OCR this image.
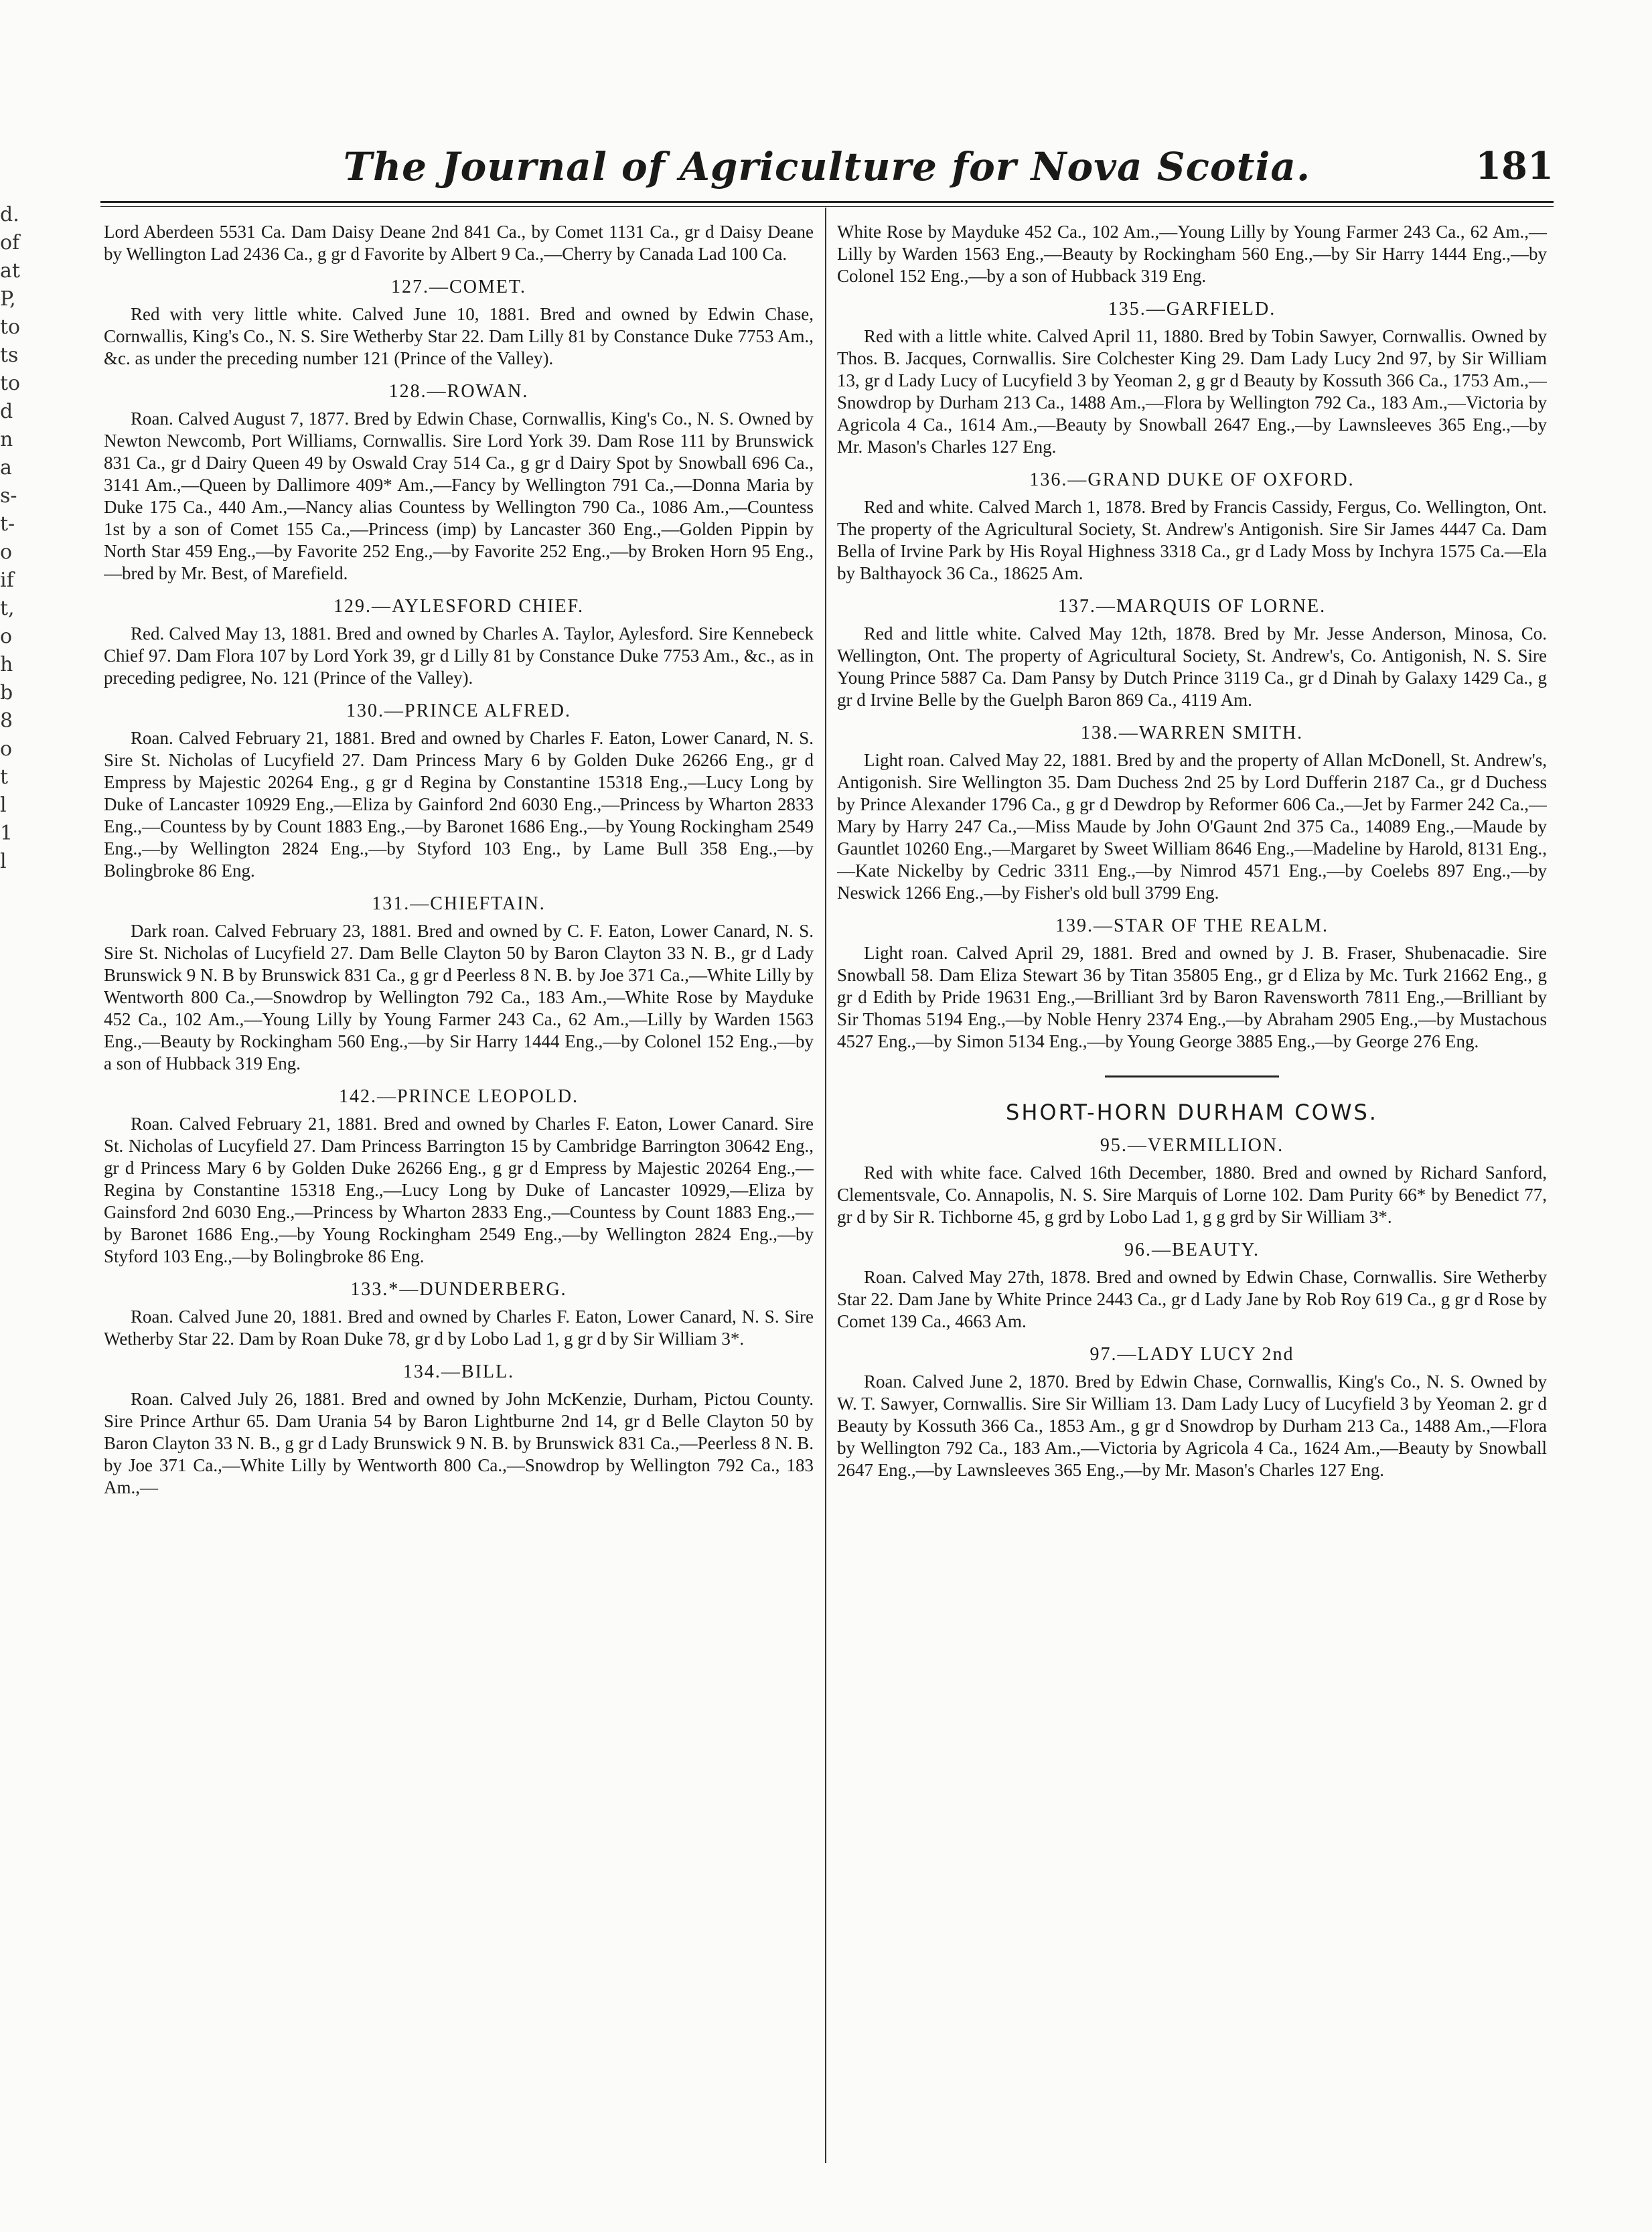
d.
of
at
P,
to
ts
to
d
n
a
s-
t-
o
if
t,
o
h
b
8
o
t
l
1
l
The Journal of Agriculture for Nova Scotia.	181

Lord Aberdeen 5531 Ca. Dam Daisy Deane 2nd 841 Ca., by Comet 1131 Ca., gr d Daisy Deane by Wellington Lad 2436 Ca., g gr d Favorite by Albert 9 Ca.,—Cherry by Canada Lad 100 Ca.

127.—COMET.

Red with very little white. Calved June 10, 1881. Bred and owned by Edwin Chase, Cornwallis, King's Co., N. S. Sire Wetherby Star 22. Dam Lilly 81 by Constance Duke 7753 Am., &c. as under the preceding number 121 (Prince of the Valley).

128.—ROWAN.

Roan. Calved August 7, 1877. Bred by Edwin Chase, Cornwallis, King's Co., N. S. Owned by Newton Newcomb, Port Williams, Cornwallis. Sire Lord York 39. Dam Rose 111 by Brunswick 831 Ca., gr d Dairy Queen 49 by Oswald Cray 514 Ca., g gr d Dairy Spot by Snowball 696 Ca., 3141 Am.,—Queen by Dallimore 409* Am.,—Fancy by Wellington 791 Ca.,—Donna Maria by Duke 175 Ca., 440 Am.,—Nancy alias Countess by Wellington 790 Ca., 1086 Am.,—Countess 1st by a son of Comet 155 Ca.,—Princess (imp) by Lancaster 360 Eng.,—Golden Pippin by North Star 459 Eng.,—by Favorite 252 Eng.,—by Favorite 252 Eng.,—by Broken Horn 95 Eng.,—bred by Mr. Best, of Marefield.

129.—AYLESFORD CHIEF.

Red. Calved May 13, 1881. Bred and owned by Charles A. Taylor, Aylesford. Sire Kennebeck Chief 97. Dam Flora 107 by Lord York 39, gr d Lilly 81 by Constance Duke 7753 Am., &c., as in preceding pedigree, No. 121 (Prince of the Valley).

130.—PRINCE ALFRED.

Roan. Calved February 21, 1881. Bred and owned by Charles F. Eaton, Lower Canard, N. S. Sire St. Nicholas of Lucyfield 27. Dam Princess Mary 6 by Golden Duke 26266 Eng., gr d Empress by Majestic 20264 Eng., g gr d Regina by Constantine 15318 Eng.,—Lucy Long by Duke of Lancaster 10929 Eng.,—Eliza by Gainford 2nd 6030 Eng.,—Princess by Wharton 2833 Eng.,—Countess by by Count 1883 Eng.,—by Baronet 1686 Eng.,—by Young Rockingham 2549 Eng.,—by Wellington 2824 Eng.,—by Styford 103 Eng., by Lame Bull 358 Eng.,—by Bolingbroke 86 Eng.

131.—CHIEFTAIN.

Dark roan. Calved February 23, 1881. Bred and owned by C. F. Eaton, Lower Canard, N. S. Sire St. Nicholas of Lucyfield 27. Dam Belle Clayton 50 by Baron Clayton 33 N. B., gr d Lady Brunswick 9 N. B by Brunswick 831 Ca., g gr d Peerless 8 N. B. by Joe 371 Ca.,—White Lilly by Wentworth 800 Ca.,—Snowdrop by Wellington 792 Ca., 183 Am.,—White Rose by Mayduke 452 Ca., 102 Am.,—Young Lilly by Young Farmer 243 Ca., 62 Am.,—Lilly by Warden 1563 Eng.,—Beauty by Rockingham 560 Eng.,—by Sir Harry 1444 Eng.,—by Colonel 152 Eng.,—by a son of Hubback 319 Eng.

142.—PRINCE LEOPOLD.

Roan. Calved February 21, 1881. Bred and owned by Charles F. Eaton, Lower Canard. Sire St. Nicholas of Lucyfield 27. Dam Princess Barrington 15 by Cambridge Barrington 30642 Eng., gr d Princess Mary 6 by Golden Duke 26266 Eng., g gr d Empress by Majestic 20264 Eng.,—Regina by Constantine 15318 Eng.,—Lucy Long by Duke of Lancaster 10929,—Eliza by Gainsford 2nd 6030 Eng.,—Princess by Wharton 2833 Eng.,—Countess by Count 1883 Eng.,—by Baronet 1686 Eng.,—by Young Rockingham 2549 Eng.,—by Wellington 2824 Eng.,—by Styford 103 Eng.,—by Bolingbroke 86 Eng.

133.*—DUNDERBERG.

Roan. Calved June 20, 1881. Bred and owned by Charles F. Eaton, Lower Canard, N. S. Sire Wetherby Star 22. Dam by Roan Duke 78, gr d by Lobo Lad 1, g gr d by Sir William 3*.

134.—BILL.

Roan. Calved July 26, 1881. Bred and owned by John McKenzie, Durham, Pictou County. Sire Prince Arthur 65. Dam Urania 54 by Baron Lightburne 2nd 14, gr d Belle Clayton 50 by Baron Clayton 33 N. B., g gr d Lady Brunswick 9 N. B. by Brunswick 831 Ca.,—Peerless 8 N. B. by Joe 371 Ca.,—White Lilly by Wentworth 800 Ca.,—Snowdrop by Wellington 792 Ca., 183 Am.,—

White Rose by Mayduke 452 Ca., 102 Am.,—Young Lilly by Young Farmer 243 Ca., 62 Am.,—Lilly by Warden 1563 Eng.,—Beauty by Rockingham 560 Eng.,—by Sir Harry 1444 Eng.,—by Colonel 152 Eng.,—by a son of Hubback 319 Eng.

135.—GARFIELD.

Red with a little white. Calved April 11, 1880. Bred by Tobin Sawyer, Cornwallis. Owned by Thos. B. Jacques, Cornwallis. Sire Colchester King 29. Dam Lady Lucy 2nd 97, by Sir William 13, gr d Lady Lucy of Lucyfield 3 by Yeoman 2, g gr d Beauty by Kossuth 366 Ca., 1753 Am.,—Snowdrop by Durham 213 Ca., 1488 Am.,—Flora by Wellington 792 Ca., 183 Am.,—Victoria by Agricola 4 Ca., 1614 Am.,—Beauty by Snowball 2647 Eng.,—by Lawnsleeves 365 Eng.,—by Mr. Mason's Charles 127 Eng.

136.—GRAND DUKE OF OXFORD.

Red and white. Calved March 1, 1878. Bred by Francis Cassidy, Fergus, Co. Wellington, Ont. The property of the Agricultural Society, St. Andrew's Antigonish. Sire Sir James 4447 Ca. Dam Bella of Irvine Park by His Royal Highness 3318 Ca., gr d Lady Moss by Inchyra 1575 Ca.—Ela by Balthayock 36 Ca., 18625 Am.

137.—MARQUIS OF LORNE.

Red and little white. Calved May 12th, 1878. Bred by Mr. Jesse Anderson, Minosa, Co. Wellington, Ont. The property of Agricultural Society, St. Andrew's, Co. Antigonish, N. S. Sire Young Prince 5887 Ca. Dam Pansy by Dutch Prince 3119 Ca., gr d Dinah by Galaxy 1429 Ca., g gr d Irvine Belle by the Guelph Baron 869 Ca., 4119 Am.

138.—WARREN SMITH.

Light roan. Calved May 22, 1881. Bred by and the property of Allan McDonell, St. Andrew's, Antigonish. Sire Wellington 35. Dam Duchess 2nd 25 by Lord Dufferin 2187 Ca., gr d Duchess by Prince Alexander 1796 Ca., g gr d Dewdrop by Reformer 606 Ca.,—Jet by Farmer 242 Ca.,—Mary by Harry 247 Ca.,—Miss Maude by John O'Gaunt 2nd 375 Ca., 14089 Eng.,—Maude by Gauntlet 10260 Eng.,—Margaret by Sweet William 8646 Eng.,—Madeline by Harold, 8131 Eng.,—Kate Nickelby by Cedric 3311 Eng.,—by Nimrod 4571 Eng.,—by Coelebs 897 Eng.,—by Neswick 1266 Eng.,—by Fisher's old bull 3799 Eng.

139.—STAR OF THE REALM.

Light roan. Calved April 29, 1881. Bred and owned by J. B. Fraser, Shubenacadie. Sire Snowball 58. Dam Eliza Stewart 36 by Titan 35805 Eng., gr d Eliza by Mc. Turk 21662 Eng., g gr d Edith by Pride 19631 Eng.,—Brilliant 3rd by Baron Ravensworth 7811 Eng.,—Brilliant by Sir Thomas 5194 Eng.,—by Noble Henry 2374 Eng.,—by Abraham 2905 Eng.,—by Mustachous 4527 Eng.,—by Simon 5134 Eng.,—by Young George 3885 Eng.,—by George 276 Eng.

SHORT-HORN DURHAM COWS.
95.—VERMILLION.

Red with white face. Calved 16th December, 1880. Bred and owned by Richard Sanford, Clementsvale, Co. Annapolis, N. S. Sire Marquis of Lorne 102. Dam Purity 66* by Benedict 77, gr d by Sir R. Tichborne 45, g grd by Lobo Lad 1, g g grd by Sir William 3*.

96.—BEAUTY.

Roan. Calved May 27th, 1878. Bred and owned by Edwin Chase, Cornwallis. Sire Wetherby Star 22. Dam Jane by White Prince 2443 Ca., gr d Lady Jane by Rob Roy 619 Ca., g gr d Rose by Comet 139 Ca., 4663 Am.

97.—LADY LUCY 2nd

Roan. Calved June 2, 1870. Bred by Edwin Chase, Cornwallis, King's Co., N. S. Owned by W. T. Sawyer, Cornwallis. Sire Sir William 13. Dam Lady Lucy of Lucyfield 3 by Yeoman 2. gr d Beauty by Kossuth 366 Ca., 1853 Am., g gr d Snowdrop by Durham 213 Ca., 1488 Am.,—Flora by Wellington 792 Ca., 183 Am.,—Victoria by Agricola 4 Ca., 1624 Am.,—Beauty by Snowball 2647 Eng.,—by Lawnsleeves 365 Eng.,—by Mr. Mason's Charles 127 Eng.
